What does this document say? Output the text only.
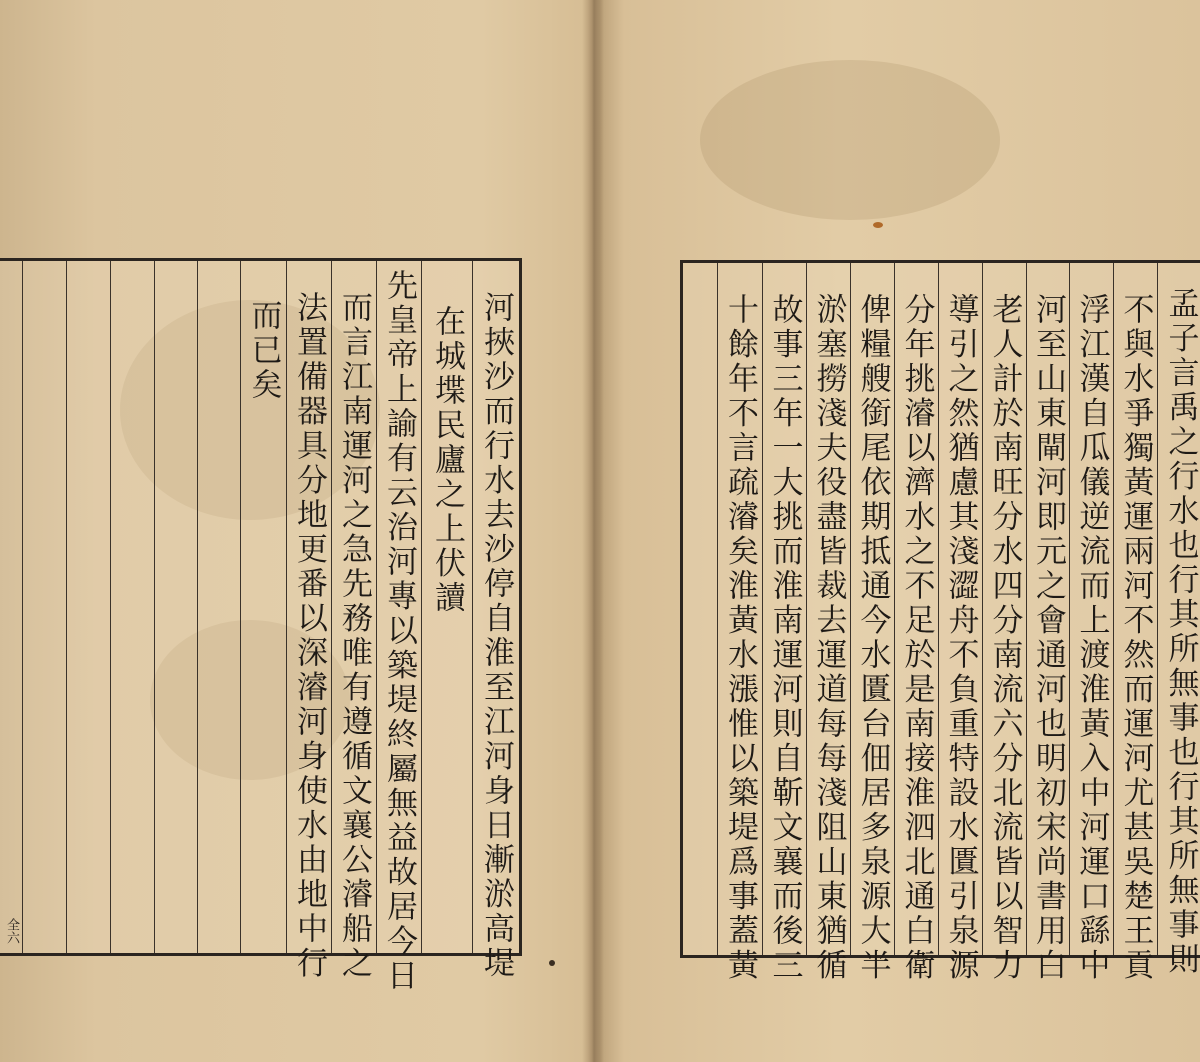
河挾沙而行水去沙停自淮至江河身日漸淤高堤
在城堞民廬之上伏讀
先皇帝上諭有云治河專以築堤終屬無益故居今日
而言江南運河之急先務唯有遵循文襄公濬船之
法置備器具分地更番以深濬河身使水由地中行
而已矣
全六	孟子言禹之行水也行其所無事也行其所無事則
不與水爭獨黃運兩河不然而運河尤甚吳楚王貢
浮江漢自瓜儀逆流而上渡淮黃入中河運口繇中
河至山東閘河即元之會通河也明初宋尚書用白
老人計於南旺分水四分南流六分北流皆以智力
導引之然猶慮其淺澀舟不負重特設水匱引泉源
分年挑濬以濟水之不足於是南接淮泗北通白衛
俾糧艘銜尾依期抵通今水匱台佃居多泉源大半
淤塞撈淺夫役盡皆裁去運道每每淺阻山東猶循
故事三年一大挑而淮南運河則自靳文襄而後三
十餘年不言疏濬矣淮黃水漲惟以築堤爲事蓋黃
